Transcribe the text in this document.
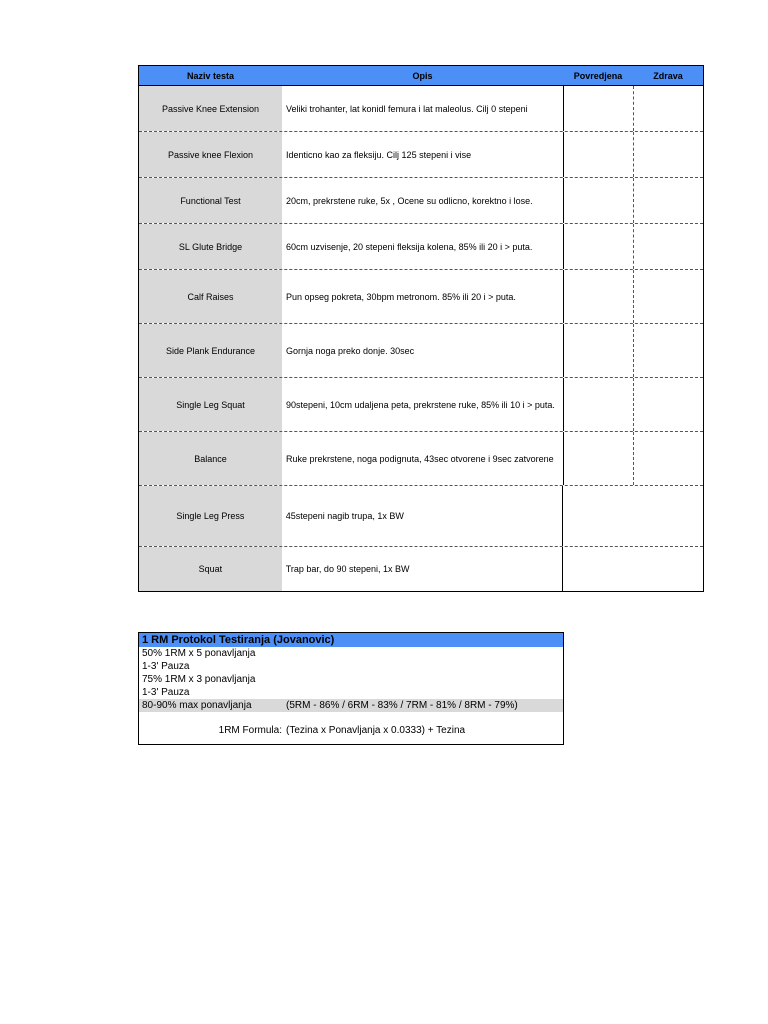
Naziv testa	Opis	Povredjena	Zdrava
Passive Knee Extension	Veliki trohanter, lat konidl femura i lat maleolus. Cilj 0 stepeni
Passive knee Flexion	Identicno kao za fleksiju. Cilj 125 stepeni i vise
Functional Test	20cm, prekrstene ruke, 5x , Ocene su odlicno, korektno i lose.
SL Glute Bridge	60cm uzvisenje, 20 stepeni fleksija kolena, 85% ili 20 i > puta.
Calf Raises	Pun opseg pokreta, 30bpm metronom. 85% ili 20 i > puta.
Side Plank Endurance	Gornja noga preko donje. 30sec
Single Leg Squat	90stepeni, 10cm udaljena peta, prekrstene ruke, 85% ili 10 i > puta.
Balance	Ruke prekrstene, noga podignuta, 43sec otvorene i 9sec zatvorene
Single Leg Press	45stepeni nagib trupa, 1x BW
Squat	Trap bar, do 90 stepeni, 1x BW
1 RM Protokol Testiranja (Jovanovic)
50% 1RM x 5 ponavljanja
1-3' Pauza
75% 1RM x 3 ponavljanja
1-3' Pauza
80-90% max ponavljanja	(5RM - 86% / 6RM - 83% / 7RM - 81% / 8RM - 79%)
1RM Formula: (Tezina x Ponavljanja x 0.0333) + Tezina
